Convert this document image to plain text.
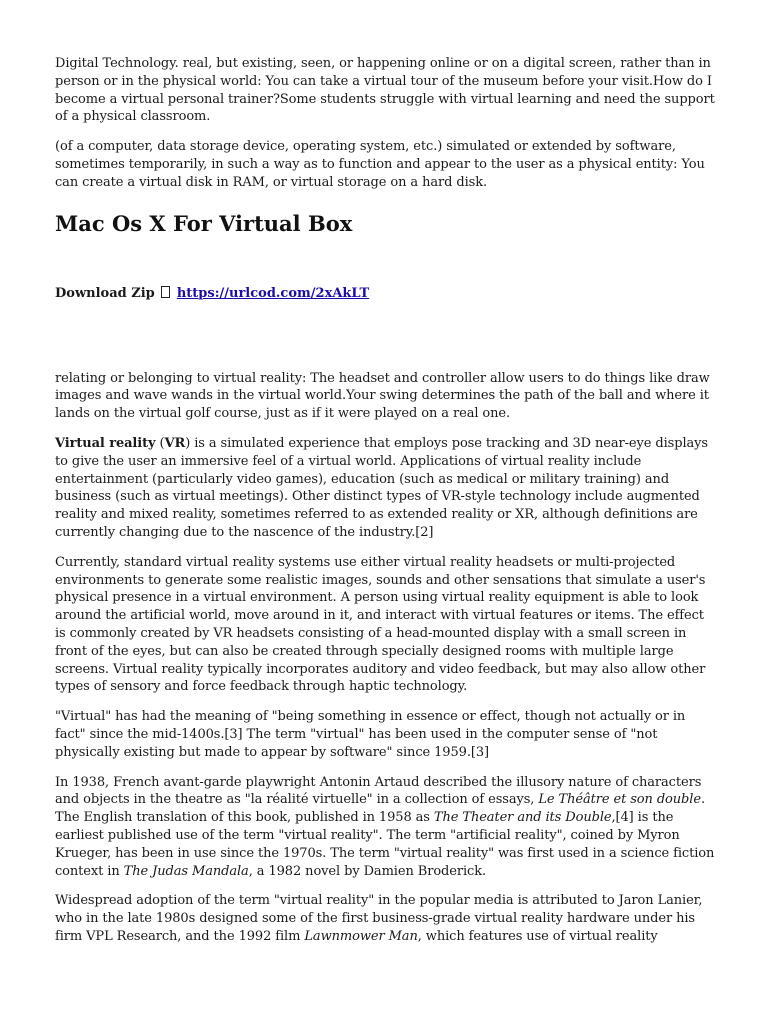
Digital Technology. real, but existing, seen, or happening online or on a digital screen, rather than in person or in the physical world: You can take a virtual tour of the museum before your visit.How do I become a virtual personal trainer?Some students struggle with virtual learning and need the support of a physical classroom.

(of a computer, data storage device, operating system, etc.) simulated or extended by software, sometimes temporarily, in such a way as to function and appear to the user as a physical entity: You can create a virtual disk in RAM, or virtual storage on a hard disk.

Mac Os X For Virtual Box
Download Zip https://urlcod.com/2xAkLT

relating or belonging to virtual reality: The headset and controller allow users to do things like draw images and wave wands in the virtual world.Your swing determines the path of the ball and where it lands on the virtual golf course, just as if it were played on a real one.

Virtual reality (VR) is a simulated experience that employs pose tracking and 3D near-eye displays to give the user an immersive feel of a virtual world. Applications of virtual reality include entertainment (particularly video games), education (such as medical or military training) and business (such as virtual meetings). Other distinct types of VR-style technology include augmented reality and mixed reality, sometimes referred to as extended reality or XR, although definitions are currently changing due to the nascence of the industry.[2]

Currently, standard virtual reality systems use either virtual reality headsets or multi-projected environments to generate some realistic images, sounds and other sensations that simulate a user's physical presence in a virtual environment. A person using virtual reality equipment is able to look around the artificial world, move around in it, and interact with virtual features or items. The effect is commonly created by VR headsets consisting of a head-mounted display with a small screen in front of the eyes, but can also be created through specially designed rooms with multiple large screens. Virtual reality typically incorporates auditory and video feedback, but may also allow other types of sensory and force feedback through haptic technology.

"Virtual" has had the meaning of "being something in essence or effect, though not actually or in fact" since the mid-1400s.[3] The term "virtual" has been used in the computer sense of "not physically existing but made to appear by software" since 1959.[3]

In 1938, French avant-garde playwright Antonin Artaud described the illusory nature of characters and objects in the theatre as "la réalité virtuelle" in a collection of essays, Le Théâtre et son double. The English translation of this book, published in 1958 as The Theater and its Double,[4] is the earliest published use of the term "virtual reality". The term "artificial reality", coined by Myron Krueger, has been in use since the 1970s. The term "virtual reality" was first used in a science fiction context in The Judas Mandala, a 1982 novel by Damien Broderick.

Widespread adoption of the term "virtual reality" in the popular media is attributed to Jaron Lanier, who in the late 1980s designed some of the first business-grade virtual reality hardware under his firm VPL Research, and the 1992 film Lawnmower Man, which features use of virtual reality
